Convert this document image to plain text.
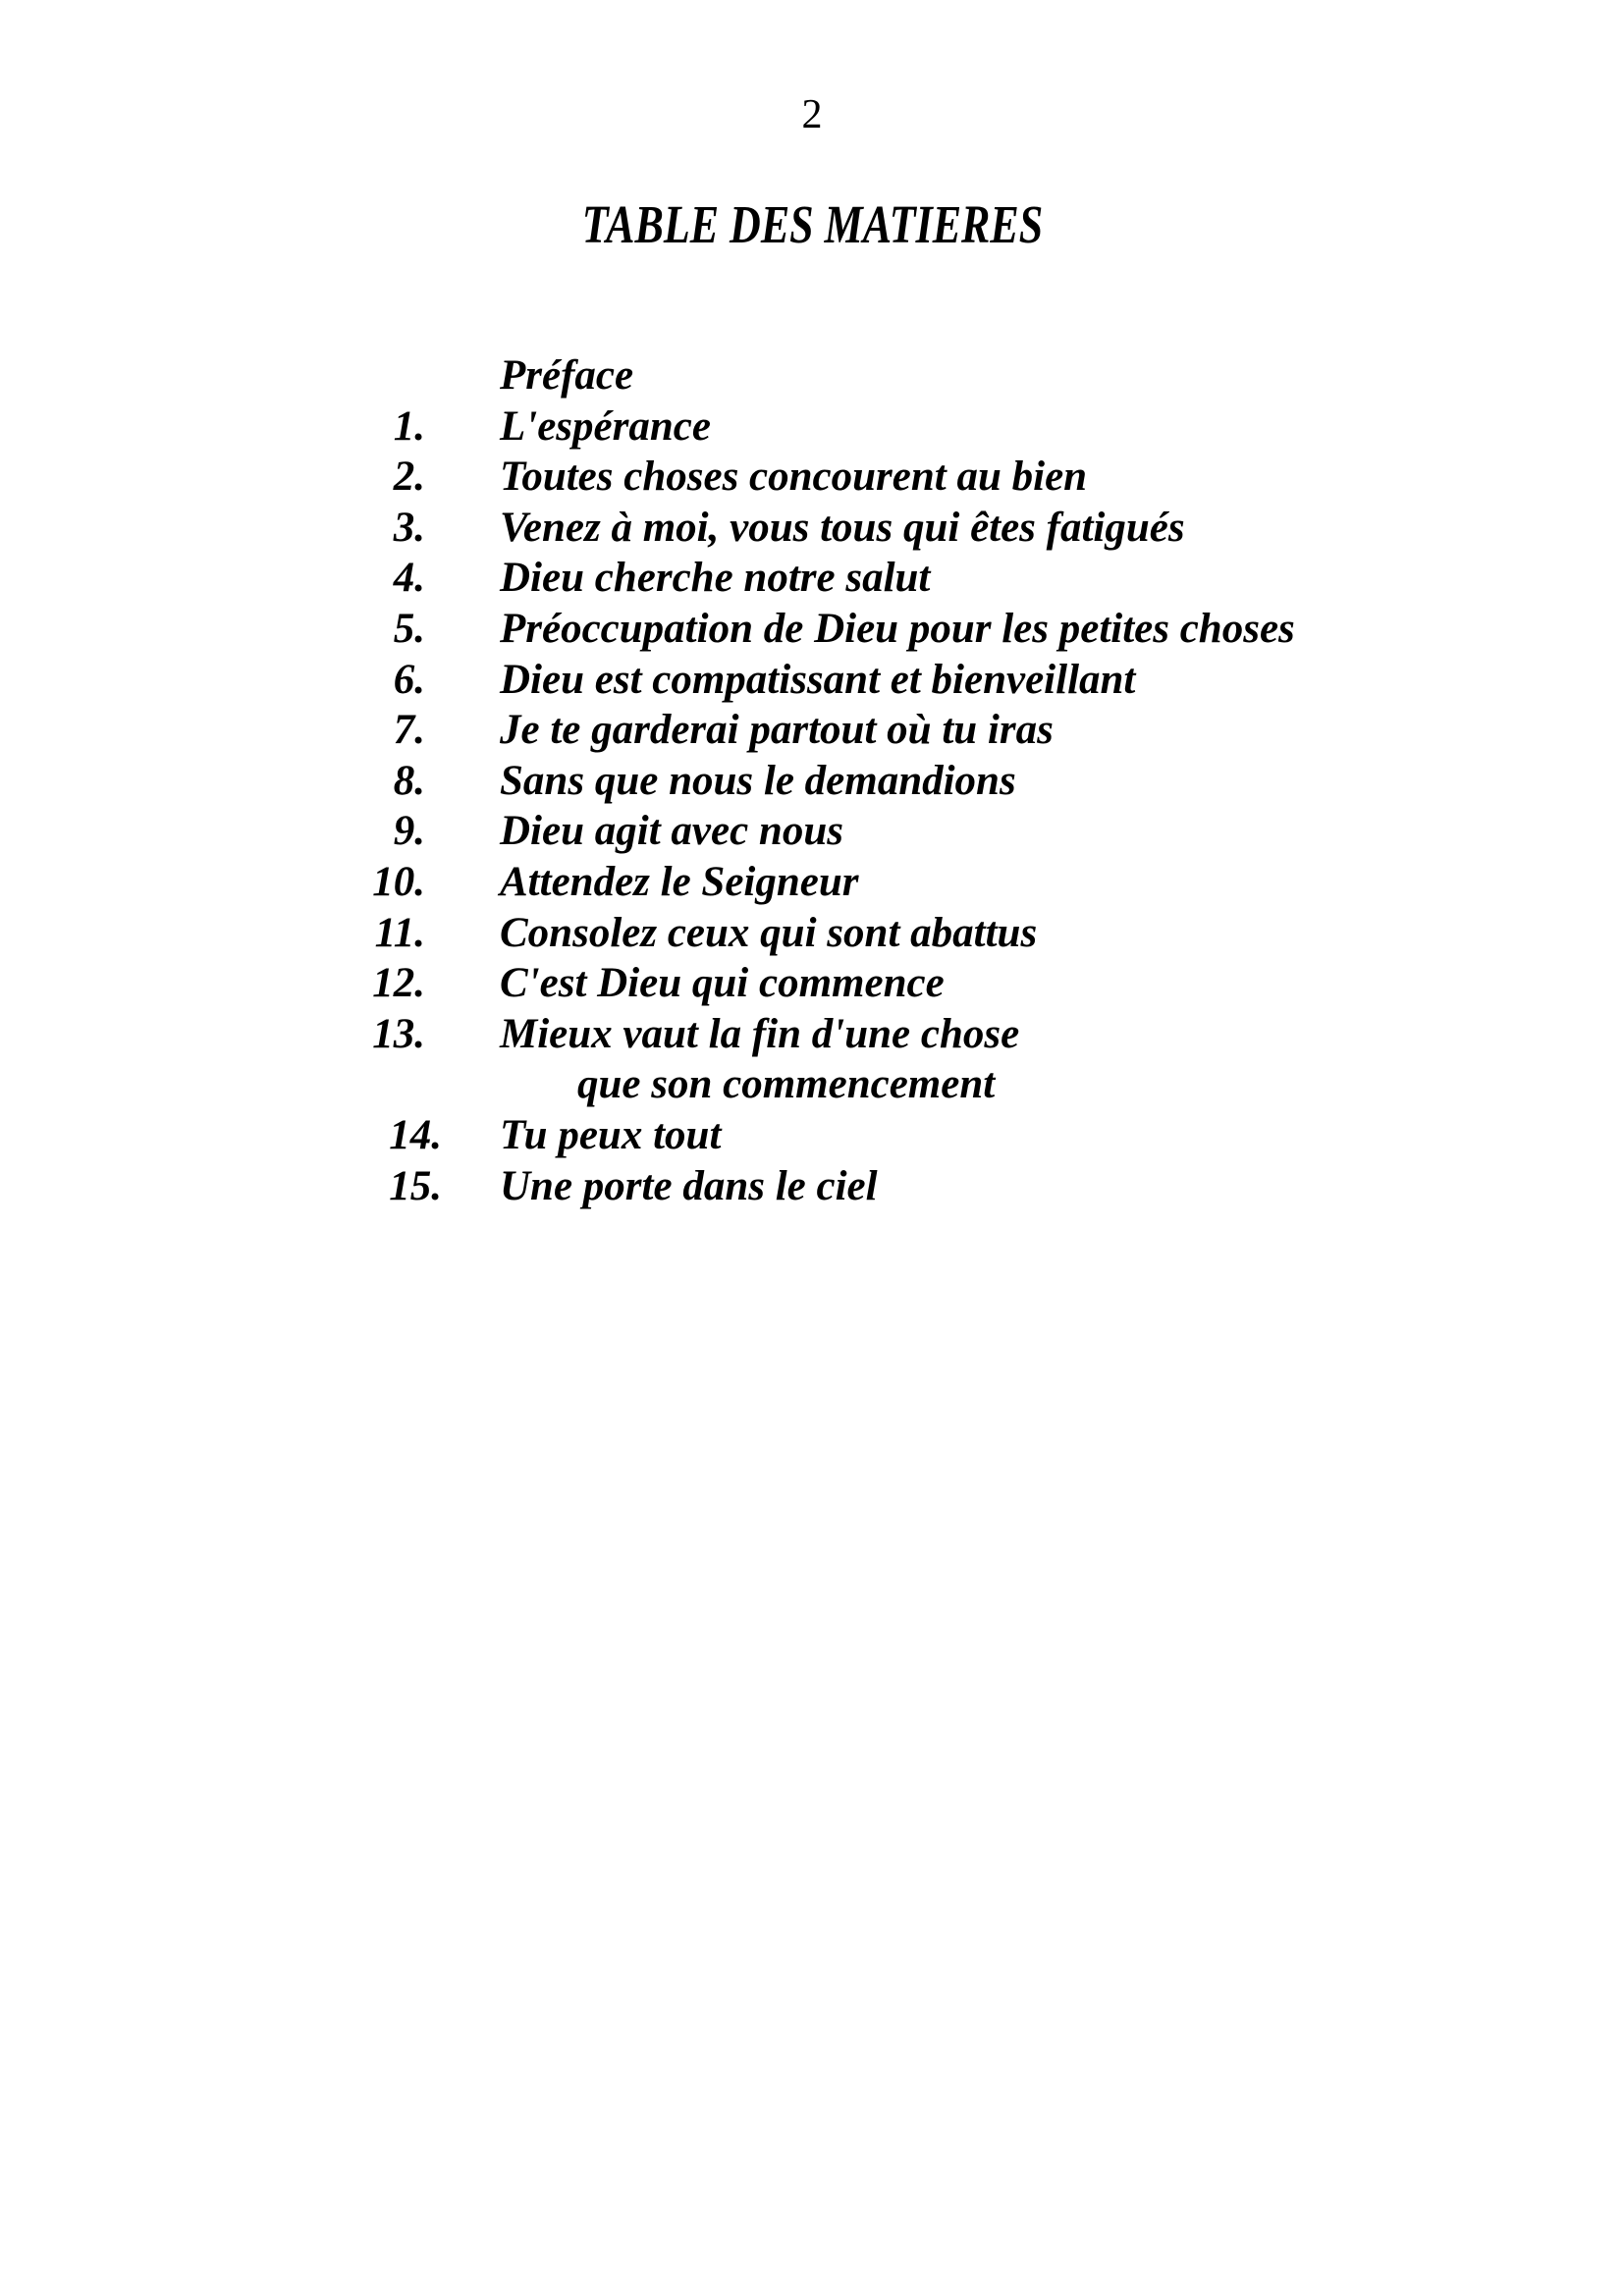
2
TABLE DES MATIERES
Préface
1. L'espérance
2. Toutes choses concourent au bien
3. Venez à moi, vous tous qui êtes fatigués
4. Dieu cherche notre salut
5. Préoccupation de Dieu pour les petites choses
6. Dieu est compatissant et bienveillant
7. Je te garderai partout où tu iras
8. Sans que nous le demandions
9. Dieu agit avec nous
10. Attendez le Seigneur
11. Consolez ceux qui sont abattus
12. C'est Dieu qui commence
13. Mieux vaut la fin d'une chose
que son commencement
14. Tu peux tout
15. Une porte dans le ciel
